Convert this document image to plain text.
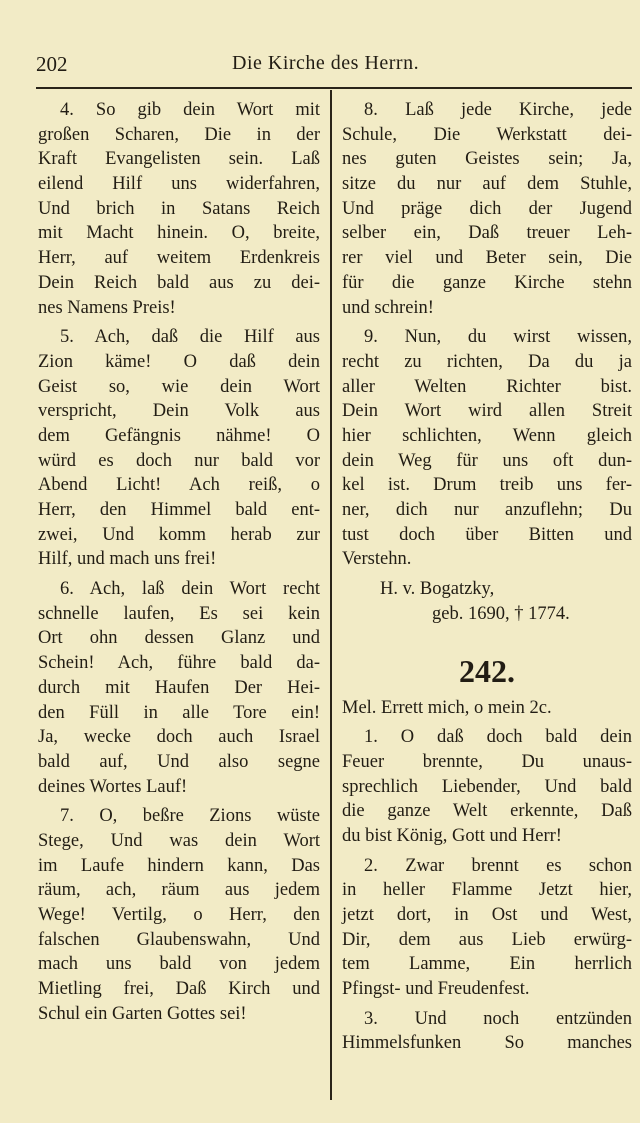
202	Die Kirche des Herrn.
4. So gib dein Wort mit
großen Scharen, Die in der
Kraft Evangelisten sein. Laß
eilend Hilf uns widerfahren,
Und brich in Satans Reich
mit Macht hinein. O, breite,
Herr, auf weitem Erdenkreis
Dein Reich bald aus zu dei-
nes Namens Preis!
5. Ach, daß die Hilf aus
Zion käme! O daß dein
Geist so, wie dein Wort
verspricht, Dein Volk aus
dem Gefängnis nähme! O
würd es doch nur bald vor
Abend Licht! Ach reiß, o
Herr, den Himmel bald ent-
zwei, Und komm herab zur
Hilf, und mach uns frei!
6. Ach, laß dein Wort recht
schnelle laufen, Es sei kein
Ort ohn dessen Glanz und
Schein! Ach, führe bald da-
durch mit Haufen Der Hei-
den Füll in alle Tore ein!
Ja, wecke doch auch Israel
bald auf, Und also segne
deines Wortes Lauf!
7. O, beßre Zions wüste
Stege, Und was dein Wort
im Laufe hindern kann, Das
räum, ach, räum aus jedem
Wege! Vertilg, o Herr, den
falschen Glaubenswahn, Und
mach uns bald von jedem
Mietling frei, Daß Kirch und
Schul ein Garten Gottes sei!
8. Laß jede Kirche, jede
Schule, Die Werkstatt dei-
nes guten Geistes sein; Ja,
sitze du nur auf dem Stuhle,
Und präge dich der Jugend
selber ein, Daß treuer Leh-
rer viel und Beter sein, Die
für die ganze Kirche stehn
und schrein!
9. Nun, du wirst wissen,
recht zu richten, Da du ja
aller Welten Richter bist.
Dein Wort wird allen Streit
hier schlichten, Wenn gleich
dein Weg für uns oft dun-
kel ist. Drum treib uns fer-
ner, dich nur anzuflehn; Du
tust doch über Bitten und
Verstehn.
H. v. Bogatzky,
geb. 1690, † 1774.
242.
Mel. Errett mich, o mein 2c.
1. O daß doch bald dein
Feuer brennte, Du unaus-
sprechlich Liebender, Und bald
die ganze Welt erkennte, Daß
du bist König, Gott und Herr!
2. Zwar brennt es schon
in heller Flamme Jetzt hier,
jetzt dort, in Ost und West,
Dir, dem aus Lieb erwürg-
tem Lamme, Ein herrlich
Pfingst- und Freudenfest.
3. Und noch entzünden
Himmelsfunken So manches
